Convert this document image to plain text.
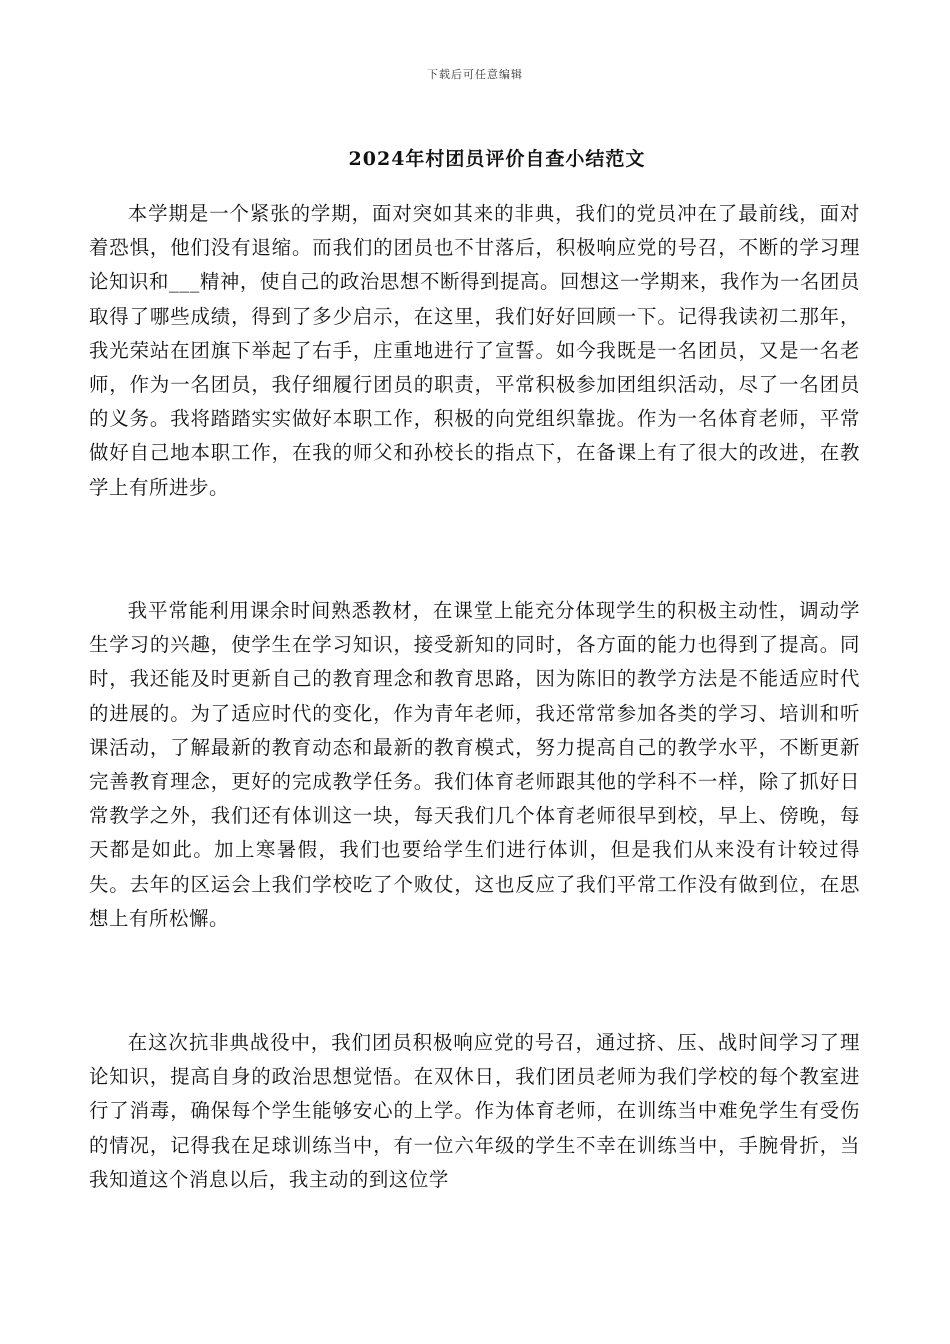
下载后可任意编辑
2024年村团员评价自查小结范文

本学期是一个紧张的学期，面对突如其来的非典，我们的党员冲在了最前线，面对着恐惧，他们没有退缩。而我们的团员也不甘落后，积极响应党的号召，不断的学习理论知识和___精神，使自己的政治思想不断得到提高。回想这一学期来，我作为一名团员取得了哪些成绩，得到了多少启示，在这里，我们好好回顾一下。记得我读初二那年，我光荣站在团旗下举起了右手，庄重地进行了宣誓。如今我既是一名团员，又是一名老师，作为一名团员，我仔细履行团员的职责，平常积极参加团组织活动，尽了一名团员的义务。我将踏踏实实做好本职工作，积极的向党组织靠拢。作为一名体育老师，平常做好自己地本职工作，在我的师父和孙校长的指点下，在备课上有了很大的改进，在教学上有所进步。

我平常能利用课余时间熟悉教材，在课堂上能充分体现学生的积极主动性，调动学生学习的兴趣，使学生在学习知识，接受新知的同时，各方面的能力也得到了提高。同时，我还能及时更新自己的教育理念和教育思路，因为陈旧的教学方法是不能适应时代的进展的。为了适应时代的变化，作为青年老师，我还常常参加各类的学习、培训和听课活动，了解最新的教育动态和最新的教育模式，努力提高自己的教学水平，不断更新完善教育理念，更好的完成教学任务。我们体育老师跟其他的学科不一样，除了抓好日常教学之外，我们还有体训这一块，每天我们几个体育老师很早到校，早上、傍晚，每天都是如此。加上寒暑假，我们也要给学生们进行体训，但是我们从来没有计较过得失。去年的区运会上我们学校吃了个败仗，这也反应了我们平常工作没有做到位，在思想上有所松懈。

在这次抗非典战役中，我们团员积极响应党的号召，通过挤、压、战时间学习了理论知识，提高自身的政治思想觉悟。在双休日，我们团员老师为我们学校的每个教室进行了消毒，确保每个学生能够安心的上学。作为体育老师，在训练当中难免学生有受伤的情况，记得我在足球训练当中，有一位六年级的学生不幸在训练当中，手腕骨折，当我知道这个消息以后，我主动的到这位学
